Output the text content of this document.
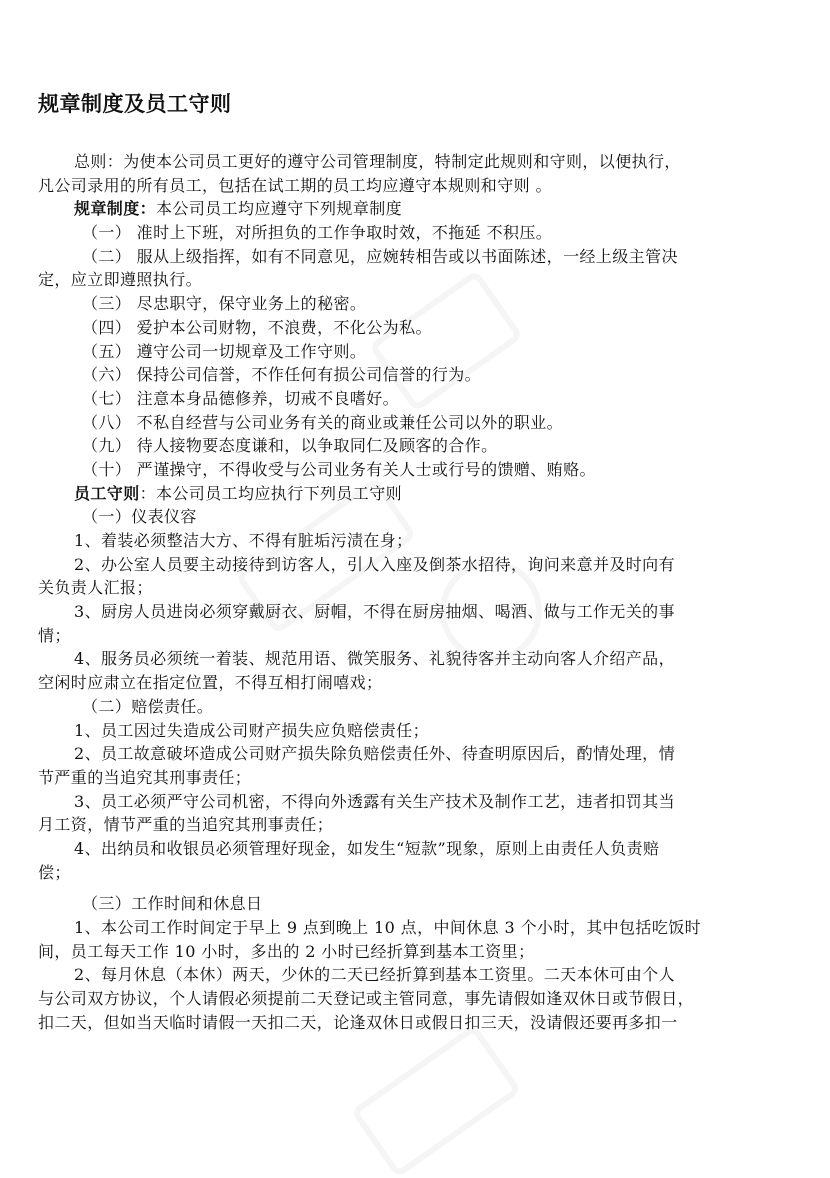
规章制度及员工守则
总则：为使本公司员工更好的遵守公司管理制度，特制定此规则和守则，以便执行，
凡公司录用的所有员工，包括在试工期的员工均应遵守本规则和守则 。
规章制度：本公司员工均应遵守下列规章制度
（一） 准时上下班，对所担负的工作争取时效，不拖延 不积压。
（二） 服从上级指挥，如有不同意见，应婉转相告或以书面陈述，一经上级主管决
定，应立即遵照执行。
（三） 尽忠职守，保守业务上的秘密。
（四） 爱护本公司财物，不浪费，不化公为私。
（五） 遵守公司一切规章及工作守则。
（六） 保持公司信誉，不作任何有损公司信誉的行为。
（七） 注意本身品德修养，切戒不良嗜好。
（八） 不私自经营与公司业务有关的商业或兼任公司以外的职业。
（九） 待人接物要态度谦和，以争取同仁及顾客的合作。
（十） 严谨操守，不得收受与公司业务有关人士或行号的馈赠、贿赂。
员工守则：本公司员工均应执行下列员工守则
（一）仪表仪容
1、着装必须整洁大方、不得有脏垢污渍在身；
2、办公室人员要主动接待到访客人，引人入座及倒茶水招待，询问来意并及时向有
关负责人汇报；
3、厨房人员进岗必须穿戴厨衣、厨帽，不得在厨房抽烟、喝酒、做与工作无关的事
情；
4、服务员必须统一着装、规范用语、微笑服务、礼貌待客并主动向客人介绍产品，
空闲时应肃立在指定位置，不得互相打闹嘻戏；
（二）赔偿责任。
1、员工因过失造成公司财产损失应负赔偿责任；
2、员工故意破坏造成公司财产损失除负赔偿责任外、待查明原因后，酌情处理，情
节严重的当追究其刑事责任；
3、员工必须严守公司机密，不得向外透露有关生产技术及制作工艺，违者扣罚其当
月工资，情节严重的当追究其刑事责任；
4、出纳员和收银员必须管理好现金，如发生“短款”现象，原则上由责任人负责赔
偿；
（三）工作时间和休息日
1、本公司工作时间定于早上 9 点到晚上 10 点，中间休息 3 个小时，其中包括吃饭时
间，员工每天工作 10 小时，多出的 2 小时已经折算到基本工资里；
2、每月休息（本休）两天，少休的二天已经折算到基本工资里。二天本休可由个人
与公司双方协议，个人请假必须提前二天登记或主管同意，事先请假如逢双休日或节假日，
扣二天，但如当天临时请假一天扣二天，论逢双休日或假日扣三天，没请假还要再多扣一
